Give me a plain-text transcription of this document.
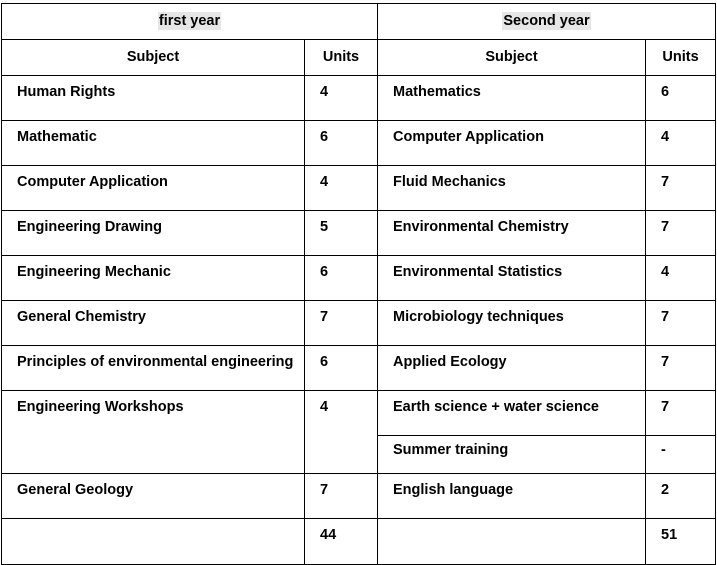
first year		Second year	
Subject	Units	Subject	Units
Human Rights	4	Mathematics	6
Mathematic	6	Computer Application	4
Computer Application	4	Fluid Mechanics	7
Engineering Drawing	5	Environmental Chemistry	7
Engineering Mechanic	6	Environmental Statistics	4
General Chemistry	7	Microbiology techniques	7
Principles of environmental engineering	6	Applied Ecology	7
Engineering Workshops	4	Earth science + water science	7
		Summer training	-
General Geology	7	English language	2
	44		51
